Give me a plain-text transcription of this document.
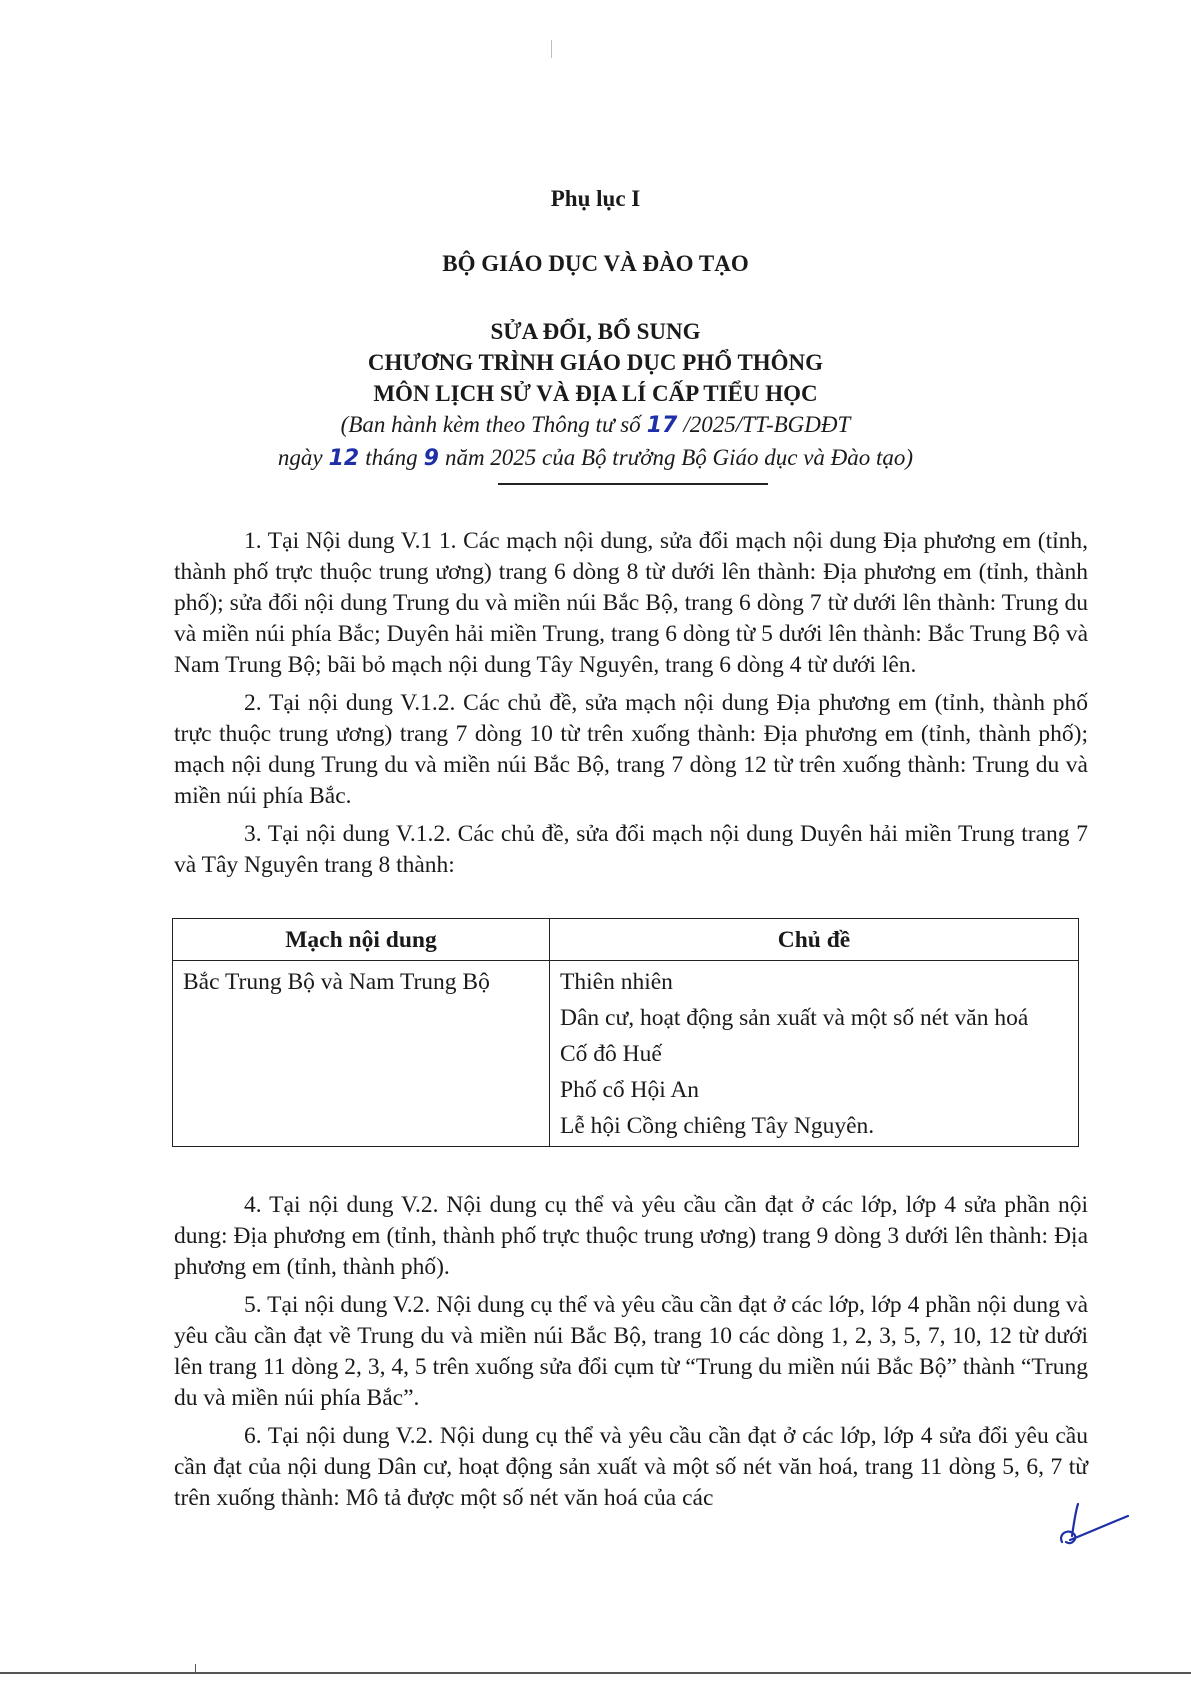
Phụ lục I
BỘ GIÁO DỤC VÀ ĐÀO TẠO
SỬA ĐỔI, BỔ SUNG
CHƯƠNG TRÌNH GIÁO DỤC PHỔ THÔNG
MÔN LỊCH SỬ VÀ ĐỊA LÍ CẤP TIỂU HỌC
(Ban hành kèm theo Thông tư số 17 /2025/TT-BGDĐT
ngày 12 tháng 9 năm 2025 của Bộ trưởng Bộ Giáo dục và Đào tạo)

1. Tại Nội dung V.1 1. Các mạch nội dung, sửa đổi mạch nội dung Địa phương em (tỉnh, thành phố trực thuộc trung ương) trang 6 dòng 8 từ dưới lên thành: Địa phương em (tỉnh, thành phố); sửa đổi nội dung Trung du và miền núi Bắc Bộ, trang 6 dòng 7 từ dưới lên thành: Trung du và miền núi phía Bắc; Duyên hải miền Trung, trang 6 dòng từ 5 dưới lên thành: Bắc Trung Bộ và Nam Trung Bộ; bãi bỏ mạch nội dung Tây Nguyên, trang 6 dòng 4 từ dưới lên.

2. Tại nội dung V.1.2. Các chủ đề, sửa mạch nội dung Địa phương em (tỉnh, thành phố trực thuộc trung ương) trang 7 dòng 10 từ trên xuống thành: Địa phương em (tỉnh, thành phố); mạch nội dung Trung du và miền núi Bắc Bộ, trang 7 dòng 12 từ trên xuống thành: Trung du và miền núi phía Bắc.

3. Tại nội dung V.1.2. Các chủ đề, sửa đổi mạch nội dung Duyên hải miền Trung trang 7 và Tây Nguyên trang 8 thành:

Mạch nội dung	Chủ đề

Bắc Trung Bộ và Nam Trung Bộ	Thiên nhiên
Dân cư, hoạt động sản xuất và một số nét văn hoá
Cố đô Huế
Phố cổ Hội An
Lễ hội Cồng chiêng Tây Nguyên.

4. Tại nội dung V.2. Nội dung cụ thể và yêu cầu cần đạt ở các lớp, lớp 4 sửa phần nội dung: Địa phương em (tỉnh, thành phố trực thuộc trung ương) trang 9 dòng 3 dưới lên thành: Địa phương em (tỉnh, thành phố).

5. Tại nội dung V.2. Nội dung cụ thể và yêu cầu cần đạt ở các lớp, lớp 4 phần nội dung và yêu cầu cần đạt về Trung du và miền núi Bắc Bộ, trang 10 các dòng 1, 2, 3, 5, 7, 10, 12 từ dưới lên trang 11 dòng 2, 3, 4, 5 trên xuống sửa đổi cụm từ “Trung du miền núi Bắc Bộ” thành “Trung du và miền núi phía Bắc”.

6. Tại nội dung V.2. Nội dung cụ thể và yêu cầu cần đạt ở các lớp, lớp 4 sửa đổi yêu cầu cần đạt của nội dung Dân cư, hoạt động sản xuất và một số nét văn hoá, trang 11 dòng 5, 6, 7 từ trên xuống thành: Mô tả được một số nét văn hoá của các
